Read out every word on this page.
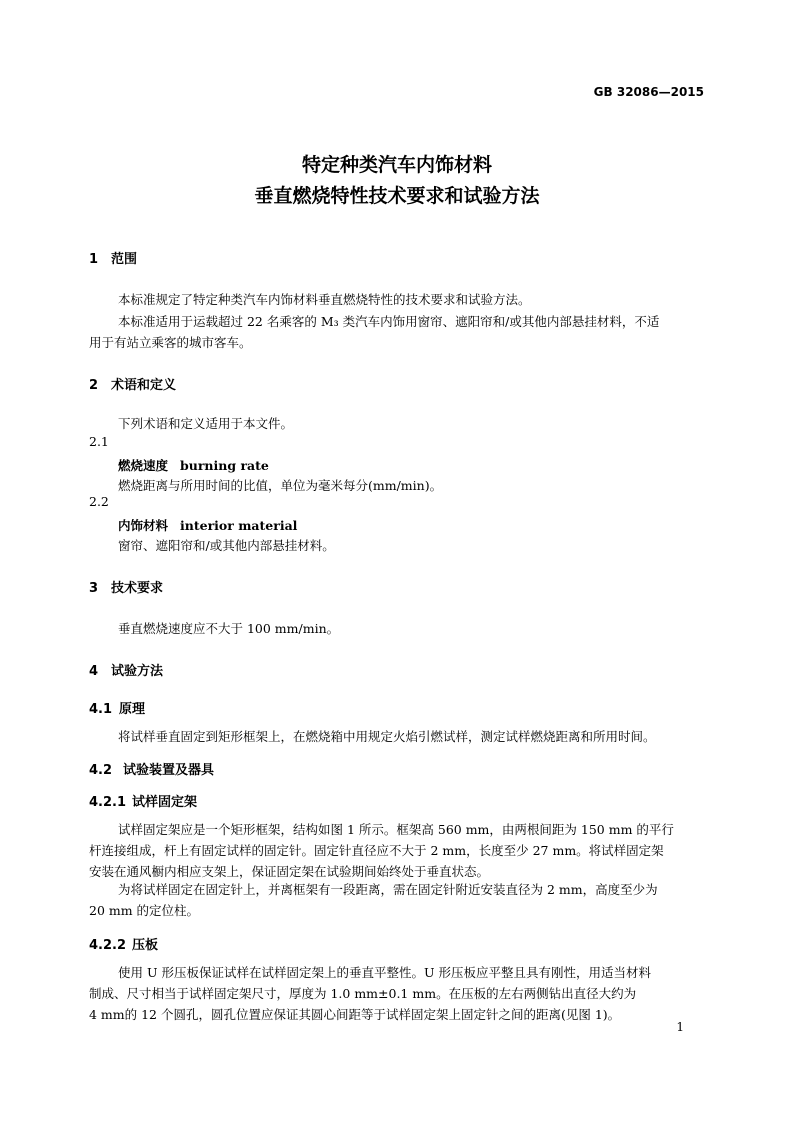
GB 32086—2015
特定种类汽车内饰材料
垂直燃烧特性技术要求和试验方法
1 范围
本标准规定了特定种类汽车内饰材料垂直燃烧特性的技术要求和试验方法。
本标准适用于运载超过 22 名乘客的 M₃ 类汽车内饰用窗帘、遮阳帘和/或其他内部悬挂材料，不适
用于有站立乘客的城市客车。
2 术语和定义
下列术语和定义适用于本文件。
2.1
燃烧速度 burning rate
燃烧距离与所用时间的比值，单位为毫米每分(mm/min)。
2.2
内饰材料 interior material
窗帘、遮阳帘和/或其他内部悬挂材料。
3 技术要求
垂直燃烧速度应不大于 100 mm/min。
4 试验方法
4.1 原理
将试样垂直固定到矩形框架上，在燃烧箱中用规定火焰引燃试样，测定试样燃烧距离和所用时间。
4.2 试验装置及器具
4.2.1 试样固定架
试样固定架应是一个矩形框架，结构如图 1 所示。框架高 560 mm，由两根间距为 150 mm 的平行
杆连接组成，杆上有固定试样的固定针。固定针直径应不大于 2 mm，长度至少 27 mm。将试样固定架
安装在通风橱内相应支架上，保证固定架在试验期间始终处于垂直状态。
为将试样固定在固定针上，并离框架有一段距离，需在固定针附近安装直径为 2 mm，高度至少为
20 mm 的定位柱。
4.2.2 压板
使用 U 形压板保证试样在试样固定架上的垂直平整性。U 形压板应平整且具有刚性，用适当材料
制成、尺寸相当于试样固定架尺寸，厚度为 1.0 mm±0.1 mm。在压板的左右两侧钻出直径大约为
4 mm的 12 个圆孔，圆孔位置应保证其圆心间距等于试样固定架上固定针之间的距离(见图 1)。
1
